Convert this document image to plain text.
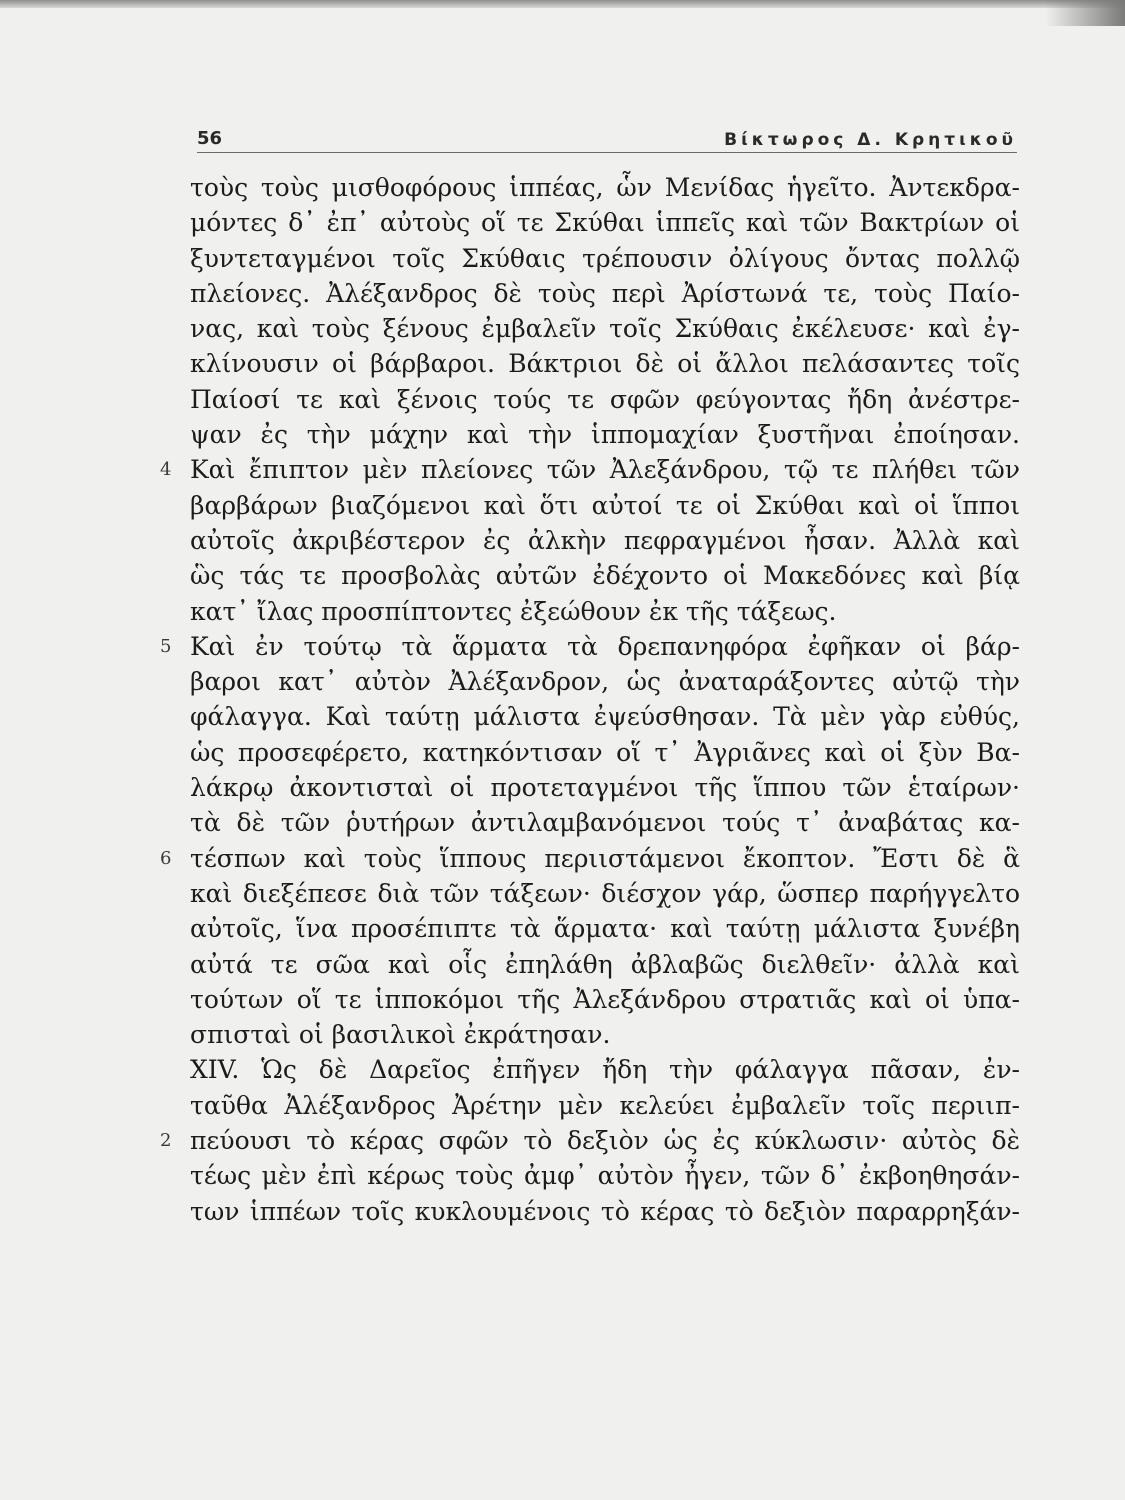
56	Βίκτωρος Δ. Κρητικοῦ
τοὺς τοὺς μισθοφόρους ἱππέας, ὧν Μενίδας ἡγεῖτο. Ἀντεκδρα-
μόντες δ᾽ ἐπ᾽ αὐτοὺς οἵ τε Σκύθαι ἱππεῖς καὶ τῶν Βακτρίων οἱ
ξυντεταγμένοι τοῖς Σκύθαις τρέπουσιν ὀλίγους ὄντας πολλῷ
πλείονες. Ἀλέξανδρος δὲ τοὺς περὶ Ἀρίστωνά τε, τοὺς Παίο-
νας, καὶ τοὺς ξένους ἐμβαλεῖν τοῖς Σκύθαις ἐκέλευσε· καὶ ἐγ-
κλίνουσιν οἱ βάρβαροι. Βάκτριοι δὲ οἱ ἄλλοι πελάσαντες τοῖς
Παίοσί τε καὶ ξένοις τούς τε σφῶν φεύγοντας ἤδη ἀνέστρε-
ψαν ἐς τὴν μάχην καὶ τὴν ἱππομαχίαν ξυστῆναι ἐποίησαν.
4 Καὶ ἔπιπτον μὲν πλείονες τῶν Ἀλεξάνδρου, τῷ τε πλήθει τῶν
βαρβάρων βιαζόμενοι καὶ ὅτι αὐτοί τε οἱ Σκύθαι καὶ οἱ ἵπποι
αὐτοῖς ἀκριβέστερον ἐς ἀλκὴν πεφραγμένοι ἦσαν. Ἀλλὰ καὶ
ὣς τάς τε προσβολὰς αὐτῶν ἐδέχοντο οἱ Μακεδόνες καὶ βίᾳ
κατ᾽ ἴλας προσπίπτοντες ἐξεώθουν ἐκ τῆς τάξεως.
5 Καὶ ἐν τούτῳ τὰ ἅρματα τὰ δρεπανηφόρα ἐφῆκαν οἱ βάρ-
βαροι κατ᾽ αὐτὸν Ἀλέξανδρον, ὡς ἀναταράξοντες αὐτῷ τὴν
φάλαγγα. Καὶ ταύτῃ μάλιστα ἐψεύσθησαν. Τὰ μὲν γὰρ εὐθύς,
ὡς προσεφέρετο, κατηκόντισαν οἵ τ᾽ Ἀγριᾶνες καὶ οἱ ξὺν Βα-
λάκρῳ ἀκοντισταὶ οἱ προτεταγμένοι τῆς ἵππου τῶν ἑταίρων·
τὰ δὲ τῶν ῥυτήρων ἀντιλαμβανόμενοι τούς τ᾽ ἀναβάτας κα-
6 τέσπων καὶ τοὺς ἵππους περιιστάμενοι ἔκοπτον. Ἔστι δὲ ἃ
καὶ διεξέπεσε διὰ τῶν τάξεων· διέσχον γάρ, ὥσπερ παρήγγελτο
αὐτοῖς, ἵνα προσέπιπτε τὰ ἅρματα· καὶ ταύτῃ μάλιστα ξυνέβη
αὐτά τε σῶα καὶ οἷς ἐπηλάθη ἀβλαβῶς διελθεῖν· ἀλλὰ καὶ
τούτων οἵ τε ἱπποκόμοι τῆς Ἀλεξάνδρου στρατιᾶς καὶ οἱ ὑπα-
σπισταὶ οἱ βασιλικοὶ ἐκράτησαν.
XIV. Ὡς δὲ Δαρεῖος ἐπῆγεν ἤδη τὴν φάλαγγα πᾶσαν, ἐν-
ταῦθα Ἀλέξανδρος Ἀρέτην μὲν κελεύει ἐμβαλεῖν τοῖς περιιπ-
2 πεύουσι τὸ κέρας σφῶν τὸ δεξιὸν ὡς ἐς κύκλωσιν· αὐτὸς δὲ
τέως μὲν ἐπὶ κέρως τοὺς ἀμφ᾽ αὐτὸν ἦγεν, τῶν δ᾽ ἐκβοηθησάν-
των ἱππέων τοῖς κυκλουμένοις τὸ κέρας τὸ δεξιὸν παραρρηξάν-
